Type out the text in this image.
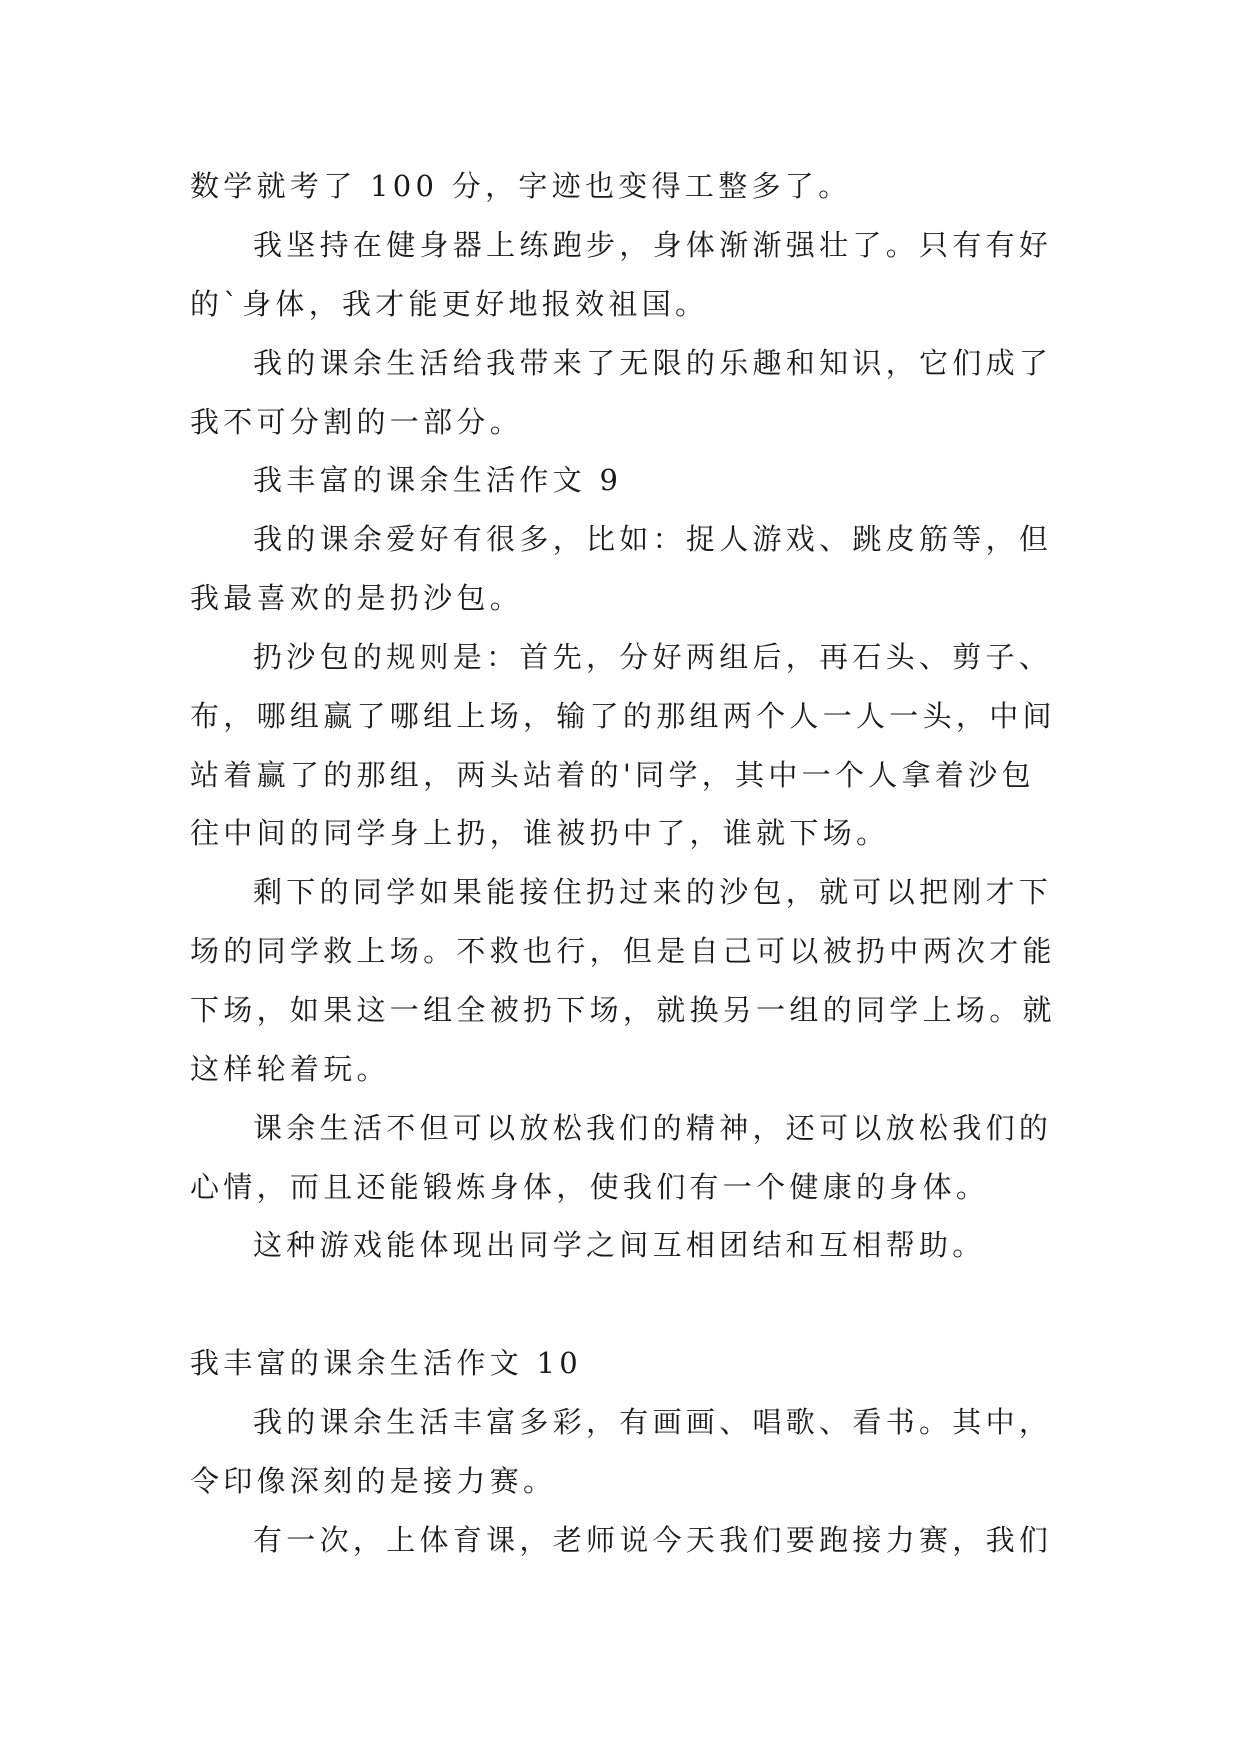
数学就考了 100 分，字迹也变得工整多了。
我坚持在健身器上练跑步，身体渐渐强壮了。只有有好
的`身体，我才能更好地报效祖国。
我的课余生活给我带来了无限的乐趣和知识，它们成了
我不可分割的一部分。
我丰富的课余生活作文 9
我的课余爱好有很多，比如：捉人游戏、跳皮筋等，但
我最喜欢的是扔沙包。
扔沙包的规则是：首先，分好两组后，再石头、剪子、
布，哪组赢了哪组上场，输了的那组两个人一人一头，中间
站着赢了的那组，两头站着的'同学，其中一个人拿着沙包
往中间的同学身上扔，谁被扔中了，谁就下场。
剩下的同学如果能接住扔过来的沙包，就可以把刚才下
场的同学救上场。不救也行，但是自己可以被扔中两次才能
下场，如果这一组全被扔下场，就换另一组的同学上场。就
这样轮着玩。
课余生活不但可以放松我们的精神，还可以放松我们的
心情，而且还能锻炼身体，使我们有一个健康的身体。
这种游戏能体现出同学之间互相团结和互相帮助。
我丰富的课余生活作文 10
我的课余生活丰富多彩，有画画、唱歌、看书。其中，
令印像深刻的是接力赛。
有一次，上体育课，老师说今天我们要跑接力赛，我们
